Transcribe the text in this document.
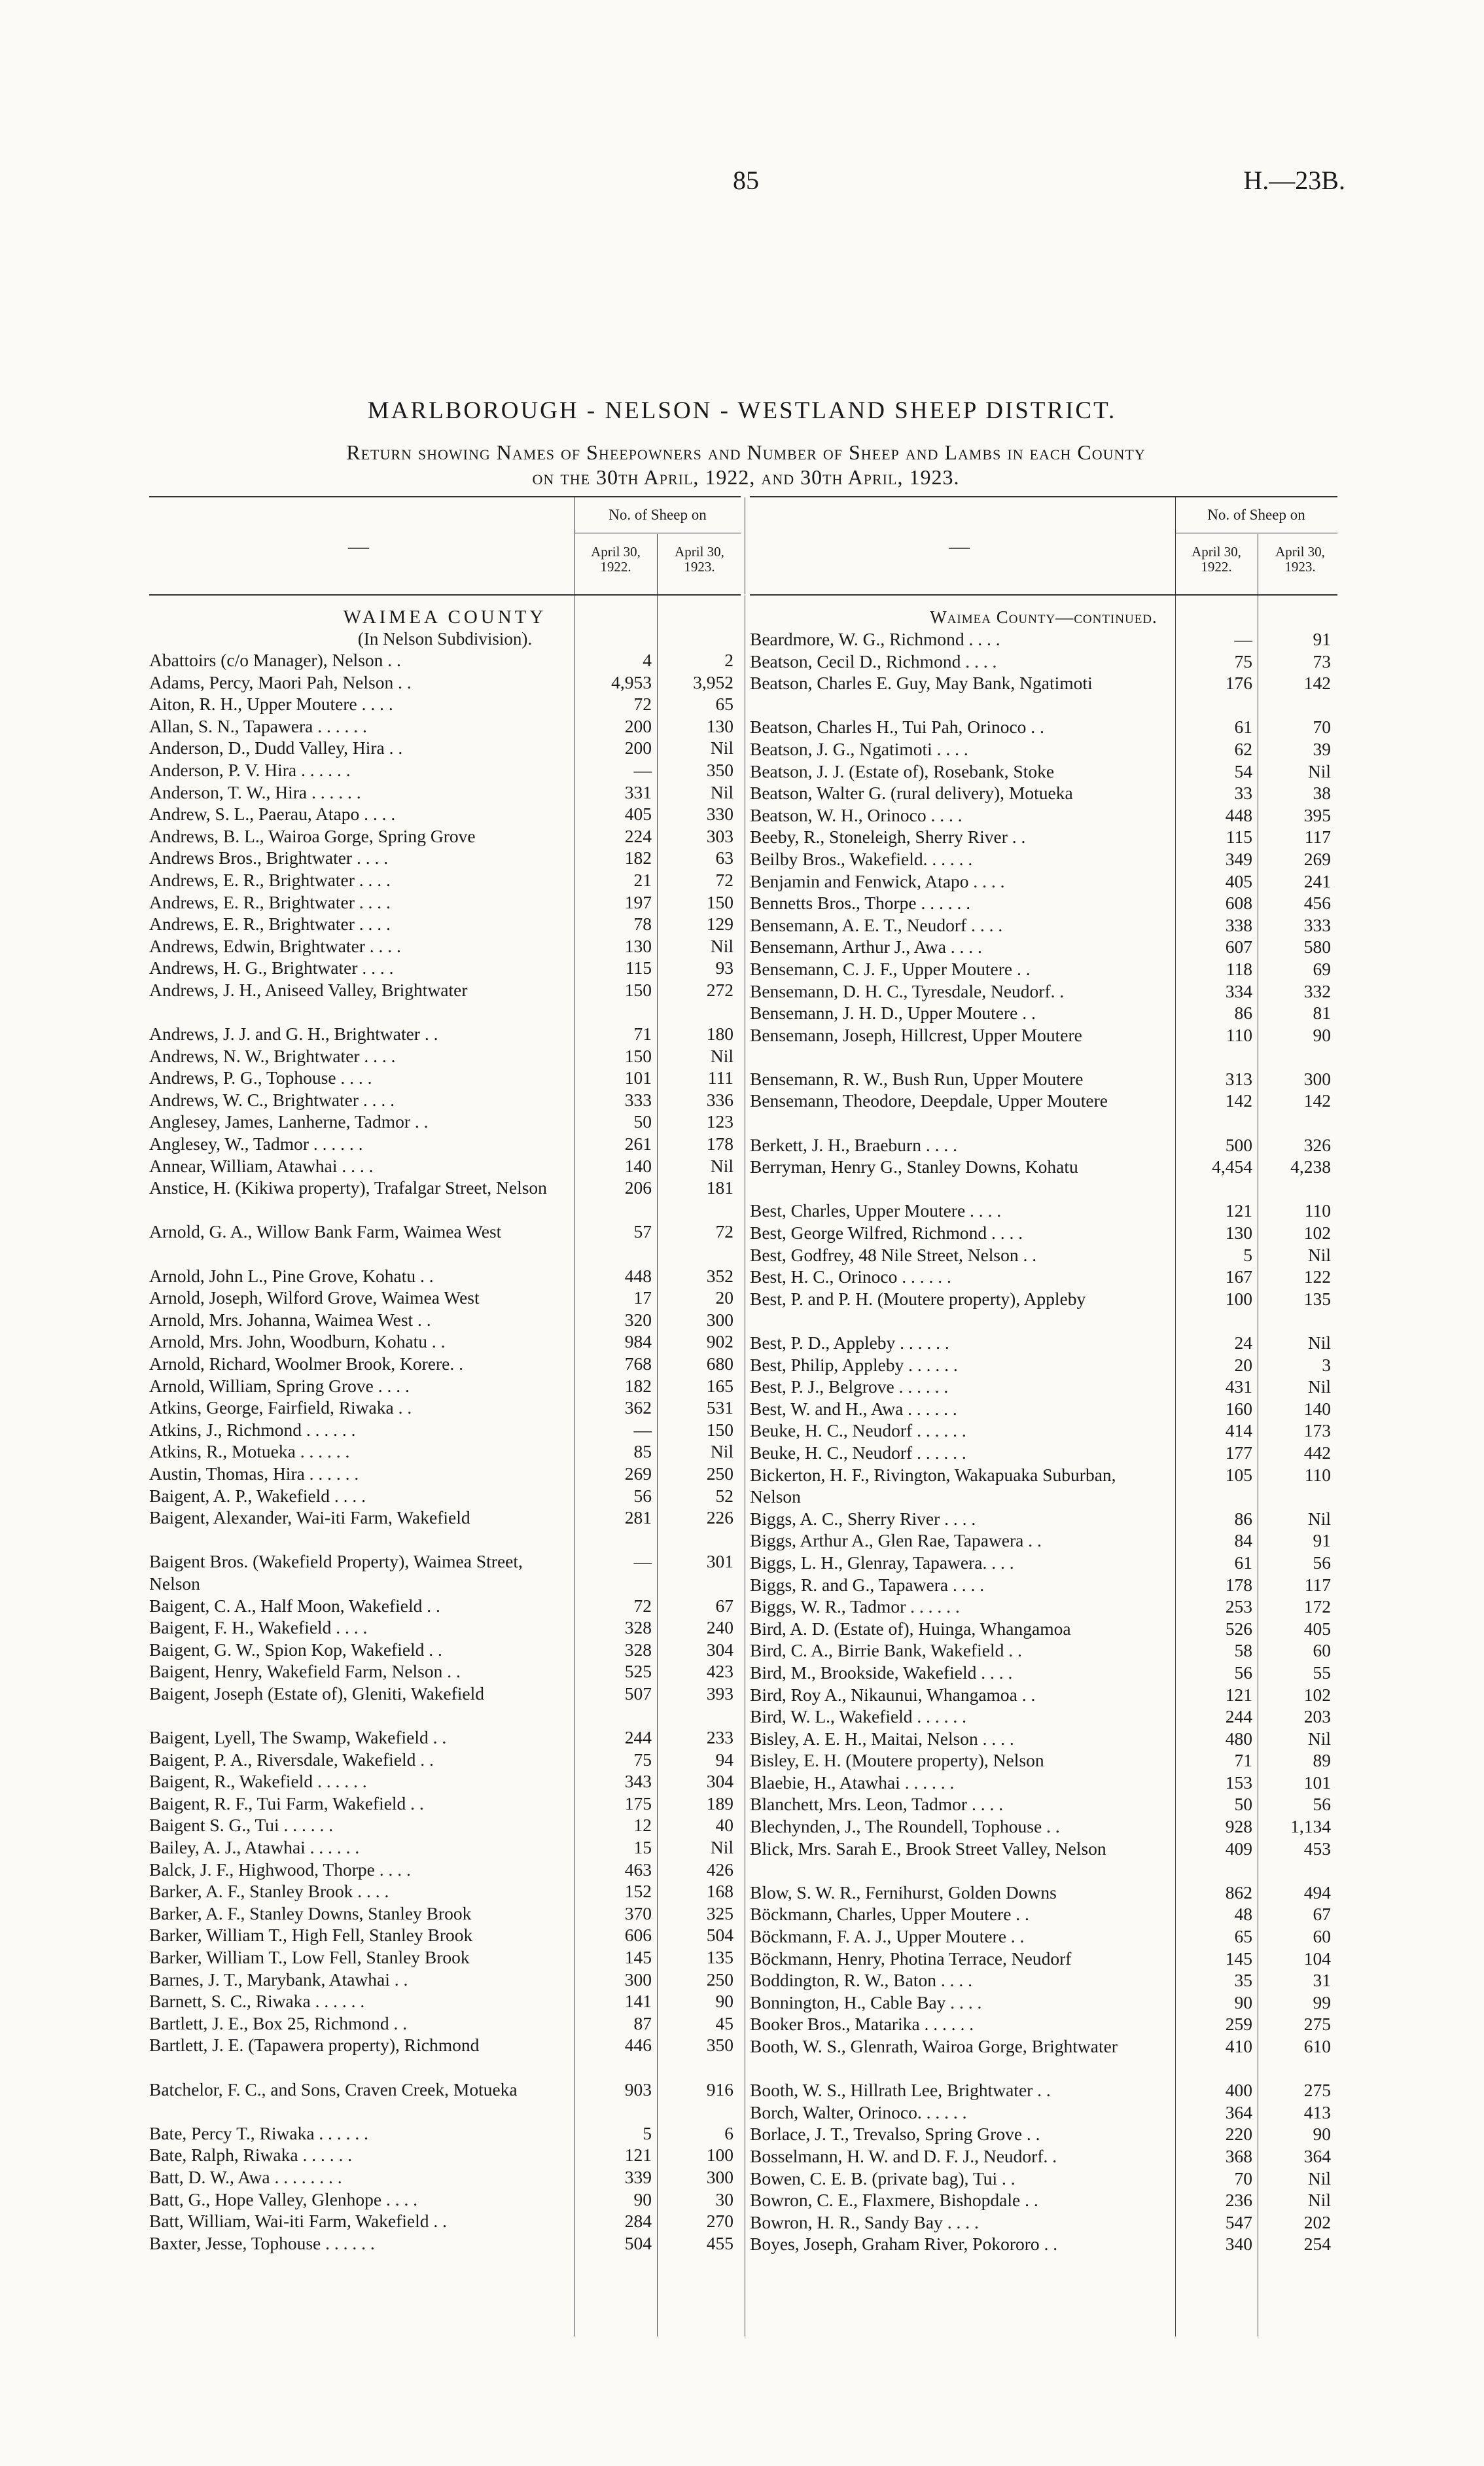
85	H.—23B.
MARLBOROUGH - NELSON - WESTLAND SHEEP DISTRICT.
Return showing Names of Sheepowners and Number of Sheep and Lambs in each County
on the 30th April, 1922, and 30th April, 1923.
—
No. of Sheep on
April 30, 1922.
April 30, 1923.
WAIMEA COUNTY
(In Nelson Subdivision).
Abattoirs (c/o Manager), Nelson . .	4	2
Adams, Percy, Maori Pah, Nelson . .	4,953	3,952
Aiton, R. H., Upper Moutere . . . .	72	65
Allan, S. N., Tapawera . . . . . .	200	130
Anderson, D., Dudd Valley, Hira . .	200	Nil
Anderson, P. V. Hira . . . . . .	—	350
Anderson, T. W., Hira . . . . . .	331	Nil
Andrew, S. L., Paerau, Atapo . . . .	405	330
Andrews, B. L., Wairoa Gorge, Spring Grove	224	303
Andrews Bros., Brightwater . . . .	182	63
Andrews, E. R., Brightwater . . . .	21	72
Andrews, E. R., Brightwater . . . .	197	150
Andrews, E. R., Brightwater . . . .	78	129
Andrews, Edwin, Brightwater . . . .	130	Nil
Andrews, H. G., Brightwater . . . .	115	93
Andrews, J. H., Aniseed Valley, Brightwater	150	272
Andrews, J. J. and G. H., Brightwater . .	71	180
Andrews, N. W., Brightwater . . . .	150	Nil
Andrews, P. G., Tophouse . . . .	101	111
Andrews, W. C., Brightwater . . . .	333	336
Anglesey, James, Lanherne, Tadmor . .	50	123
Anglesey, W., Tadmor . . . . . .	261	178
Annear, William, Atawhai . . . .	140	Nil
Anstice, H. (Kikiwa property), Trafalgar Street, Nelson	206	181
Arnold, G. A., Willow Bank Farm, Waimea West	57	72
Arnold, John L., Pine Grove, Kohatu . .	448	352
Arnold, Joseph, Wilford Grove, Waimea West	17	20
Arnold, Mrs. Johanna, Waimea West . .	320	300
Arnold, Mrs. John, Woodburn, Kohatu . .	984	902
Arnold, Richard, Woolmer Brook, Korere. .	768	680
Arnold, William, Spring Grove . . . .	182	165
Atkins, George, Fairfield, Riwaka . .	362	531
Atkins, J., Richmond . . . . . .	—	150
Atkins, R., Motueka . . . . . .	85	Nil
Austin, Thomas, Hira . . . . . .	269	250
Baigent, A. P., Wakefield . . . .	56	52
Baigent, Alexander, Wai-iti Farm, Wakefield	281	226
Baigent Bros. (Wakefield Property), Waimea Street, Nelson
—	301
Baigent, C. A., Half Moon, Wakefield . .	72	67
Baigent, F. H., Wakefield . . . .	328	240
Baigent, G. W., Spion Kop, Wakefield . .	328	304
Baigent, Henry, Wakefield Farm, Nelson . .	525	423
Baigent, Joseph (Estate of), Gleniti, Wakefield	507	393
Baigent, Lyell, The Swamp, Wakefield . .	244	233
Baigent, P. A., Riversdale, Wakefield . .	75	94
Baigent, R., Wakefield . . . . . .	343	304
Baigent, R. F., Tui Farm, Wakefield . .	175	189
Baigent S. G., Tui . . . . . .	12	40
Bailey, A. J., Atawhai . . . . . .	15	Nil
Balck, J. F., Highwood, Thorpe . . . .	463	426
Barker, A. F., Stanley Brook . . . .	152	168
Barker, A. F., Stanley Downs, Stanley Brook	370	325
Barker, William T., High Fell, Stanley Brook	606	504
Barker, William T., Low Fell, Stanley Brook	145	135
Barnes, J. T., Marybank, Atawhai . .	300	250
Barnett, S. C., Riwaka . . . . . .	141	90
Bartlett, J. E., Box 25, Richmond . .	87	45
Bartlett, J. E. (Tapawera property), Richmond	446	350
Batchelor, F. C., and Sons, Craven Creek, Motueka	903	916
Bate, Percy T., Riwaka . . . . . .	5	6
Bate, Ralph, Riwaka . . . . . .	121	100
Batt, D. W., Awa . . . . . . . .	339	300
Batt, G., Hope Valley, Glenhope . . . .	90	30
Batt, William, Wai-iti Farm, Wakefield . .	284	270
Baxter, Jesse, Tophouse . . . . . .	504	455
—
No. of Sheep on
April 30, 1922.
April 30, 1923.
Waimea County—continued.
Beardmore, W. G., Richmond . . . .	—	91
Beatson, Cecil D., Richmond . . . .	75	73
Beatson, Charles E. Guy, May Bank, Ngatimoti	176	142
Beatson, Charles H., Tui Pah, Orinoco . .	61	70
Beatson, J. G., Ngatimoti . . . .	62	39
Beatson, J. J. (Estate of), Rosebank, Stoke	54	Nil
Beatson, Walter G. (rural delivery), Motueka	33	38
Beatson, W. H., Orinoco . . . .	448	395
Beeby, R., Stoneleigh, Sherry River . .	115	117
Beilby Bros., Wakefield. . . . . .	349	269
Benjamin and Fenwick, Atapo . . . .	405	241
Bennetts Bros., Thorpe . . . . . .	608	456
Bensemann, A. E. T., Neudorf . . . .	338	333
Bensemann, Arthur J., Awa . . . .	607	580
Bensemann, C. J. F., Upper Moutere . .	118	69
Bensemann, D. H. C., Tyresdale, Neudorf. .	334	332
Bensemann, J. H. D., Upper Moutere . .	86	81
Bensemann, Joseph, Hillcrest, Upper Moutere	110	90
Bensemann, R. W., Bush Run, Upper Moutere	313	300
Bensemann, Theodore, Deepdale, Upper Moutere	142	142
Berkett, J. H., Braeburn . . . .	500	326
Berryman, Henry G., Stanley Downs, Kohatu	4,454	4,238
Best, Charles, Upper Moutere . . . .	121	110
Best, George Wilfred, Richmond . . . .	130	102
Best, Godfrey, 48 Nile Street, Nelson . .	5	Nil
Best, H. C., Orinoco . . . . . .	167	122
Best, P. and P. H. (Moutere property), Appleby	100	135
Best, P. D., Appleby . . . . . .	24	Nil
Best, Philip, Appleby . . . . . .	20	3
Best, P. J., Belgrove . . . . . .	431	Nil
Best, W. and H., Awa . . . . . .	160	140
Beuke, H. C., Neudorf . . . . . .	414	173
Beuke, H. C., Neudorf . . . . . .	177	442
Bickerton, H. F., Rivington, Wakapuaka Suburban, Nelson
105	110
Biggs, A. C., Sherry River . . . .	86	Nil
Biggs, Arthur A., Glen Rae, Tapawera . .	84	91
Biggs, L. H., Glenray, Tapawera. . . .	61	56
Biggs, R. and G., Tapawera . . . .	178	117
Biggs, W. R., Tadmor . . . . . .	253	172
Bird, A. D. (Estate of), Huinga, Whangamoa	526	405
Bird, C. A., Birrie Bank, Wakefield . .	58	60
Bird, M., Brookside, Wakefield . . . .	56	55
Bird, Roy A., Nikaunui, Whangamoa . .	121	102
Bird, W. L., Wakefield . . . . . .	244	203
Bisley, A. E. H., Maitai, Nelson . . . .	480	Nil
Bisley, E. H. (Moutere property), Nelson	71	89
Blaebie, H., Atawhai . . . . . .	153	101
Blanchett, Mrs. Leon, Tadmor . . . .	50	56
Blechynden, J., The Roundell, Tophouse . .	928	1,134
Blick, Mrs. Sarah E., Brook Street Valley, Nelson	409	453
Blow, S. W. R., Fernihurst, Golden Downs	862	494
Böckmann, Charles, Upper Moutere . .	48	67
Böckmann, F. A. J., Upper Moutere . .	65	60
Böckmann, Henry, Photina Terrace, Neudorf	145	104
Boddington, R. W., Baton . . . .	35	31
Bonnington, H., Cable Bay . . . .	90	99
Booker Bros., Matarika . . . . . .	259	275
Booth, W. S., Glenrath, Wairoa Gorge, Brightwater	410	610
Booth, W. S., Hillrath Lee, Brightwater . .	400	275
Borch, Walter, Orinoco. . . . . .	364	413
Borlace, J. T., Trevalso, Spring Grove . .	220	90
Bosselmann, H. W. and D. F. J., Neudorf. .	368	364
Bowen, C. E. B. (private bag), Tui . .	70	Nil
Bowron, C. E., Flaxmere, Bishopdale . .	236	Nil
Bowron, H. R., Sandy Bay . . . .	547	202
Boyes, Joseph, Graham River, Pokororo . .	340	254
